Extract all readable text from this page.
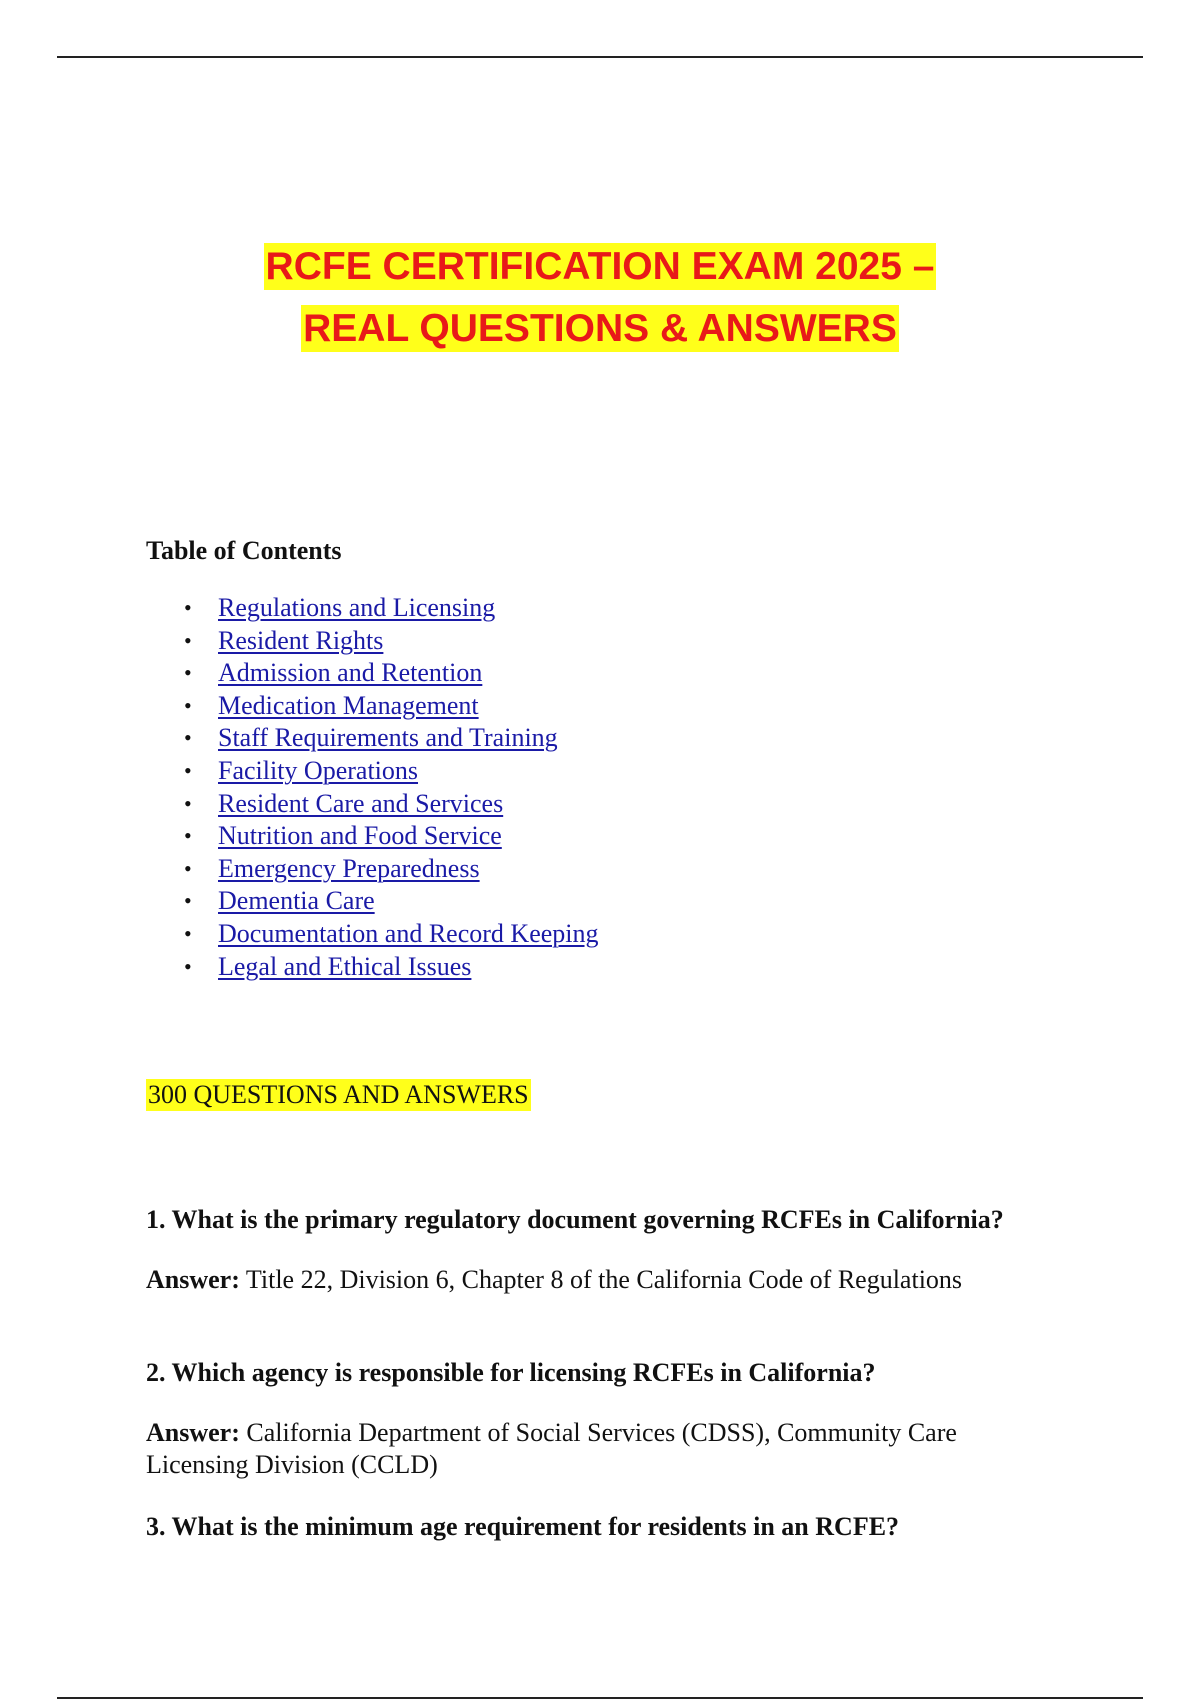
RCFE CERTIFICATION EXAM 2025 –
REAL QUESTIONS & ANSWERS
Table of Contents
• Regulations and Licensing
• Resident Rights
• Admission and Retention
• Medication Management
• Staff Requirements and Training
• Facility Operations
• Resident Care and Services
• Nutrition and Food Service
• Emergency Preparedness
• Dementia Care
• Documentation and Record Keeping
• Legal and Ethical Issues
300 QUESTIONS AND ANSWERS

1. What is the primary regulatory document governing RCFEs in California?

Answer: Title 22, Division 6, Chapter 8 of the California Code of Regulations

2. Which agency is responsible for licensing RCFEs in California?

Answer: California Department of Social Services (CDSS), Community Care Licensing Division (CCLD)

3. What is the minimum age requirement for residents in an RCFE?
